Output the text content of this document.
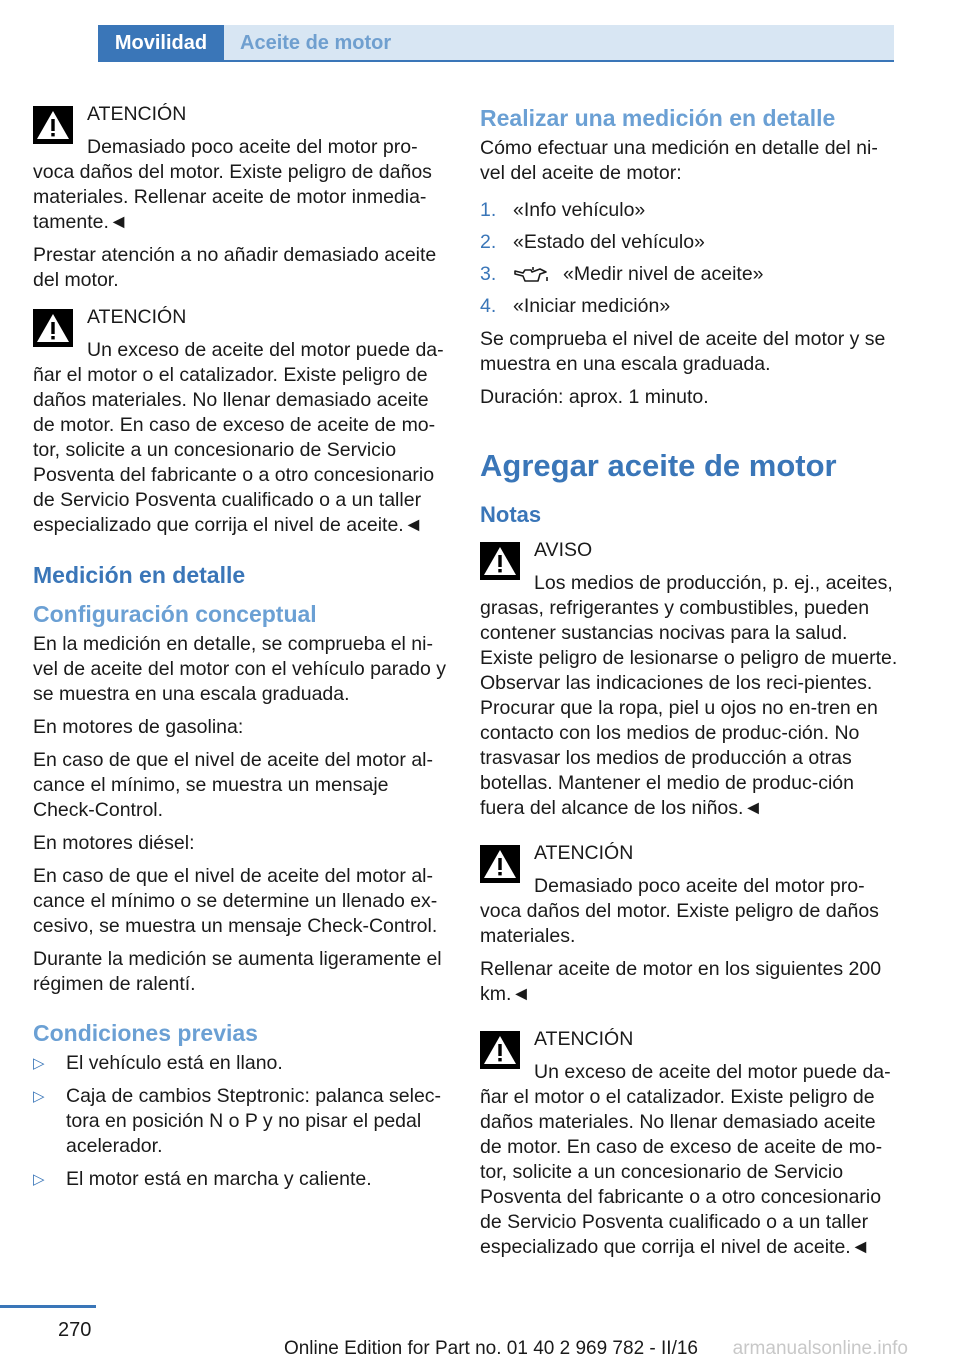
Movilidad	Aceite de motor
ATENCIÓN
Demasiado poco aceite del motor pro-voca daños del motor. Existe peligro de daños materiales. Rellenar aceite de motor inmedia-tamente.◄

Prestar atención a no añadir demasiado aceite del motor.

ATENCIÓN
Un exceso de aceite del motor puede da-ñar el motor o el catalizador. Existe peligro de daños materiales. No llenar demasiado aceite de motor. En caso de exceso de aceite de mo-tor, solicite a un concesionario de Servicio Posventa del fabricante o a otro concesionario de Servicio Posventa cualificado o a un taller especializado que corrija el nivel de aceite.◄
Medición en detalle
Configuración conceptual

En la medición en detalle, se comprueba el ni-vel de aceite del motor con el vehículo parado y se muestra en una escala graduada.

En motores de gasolina:

En caso de que el nivel de aceite del motor al-cance el mínimo, se muestra un mensaje Check-Control.

En motores diésel:

En caso de que el nivel de aceite del motor al-cance el mínimo o se determine un llenado ex-cesivo, se muestra un mensaje Check-Control.

Durante la medición se aumenta ligeramente el régimen de ralentí.

Condiciones previas
▷ El vehículo está en llano.
▷ Caja de cambios Steptronic: palanca selec-tora en posición N o P y no pisar el pedal acelerador.
▷ El motor está en marcha y caliente.
Realizar una medición en detalle

Cómo efectuar una medición en detalle del ni-vel del aceite de motor:

1. «Info vehículo»
2. «Estado del vehículo»
3.	«Medir nivel de aceite»
4. «Iniciar medición»

Se comprueba el nivel de aceite del motor y se muestra en una escala graduada.

Duración: aprox. 1 minuto.

Agregar aceite de motor
Notas
AVISO
Los medios de producción, p. ej., aceites, grasas, refrigerantes y combustibles, pueden contener sustancias nocivas para la salud. Existe peligro de lesionarse o peligro de muerte. Observar las indicaciones de los reci-pientes. Procurar que la ropa, piel u ojos no en-tren en contacto con los medios de produc-ción. No trasvasar los medios de producción a otras botellas. Mantener el medio de produc-ción fuera del alcance de los niños.◄
ATENCIÓN
Demasiado poco aceite del motor pro-voca daños del motor. Existe peligro de daños materiales.

Rellenar aceite de motor en los siguientes 200 km.◄

ATENCIÓN
Un exceso de aceite del motor puede da-ñar el motor o el catalizador. Existe peligro de daños materiales. No llenar demasiado aceite de motor. En caso de exceso de aceite de mo-tor, solicite a un concesionario de Servicio Posventa del fabricante o a otro concesionario de Servicio Posventa cualificado o a un taller especializado que corrija el nivel de aceite.◄
270
Online Edition for Part no. 01 40 2 969 782 - II/16 armanualsonline.info
